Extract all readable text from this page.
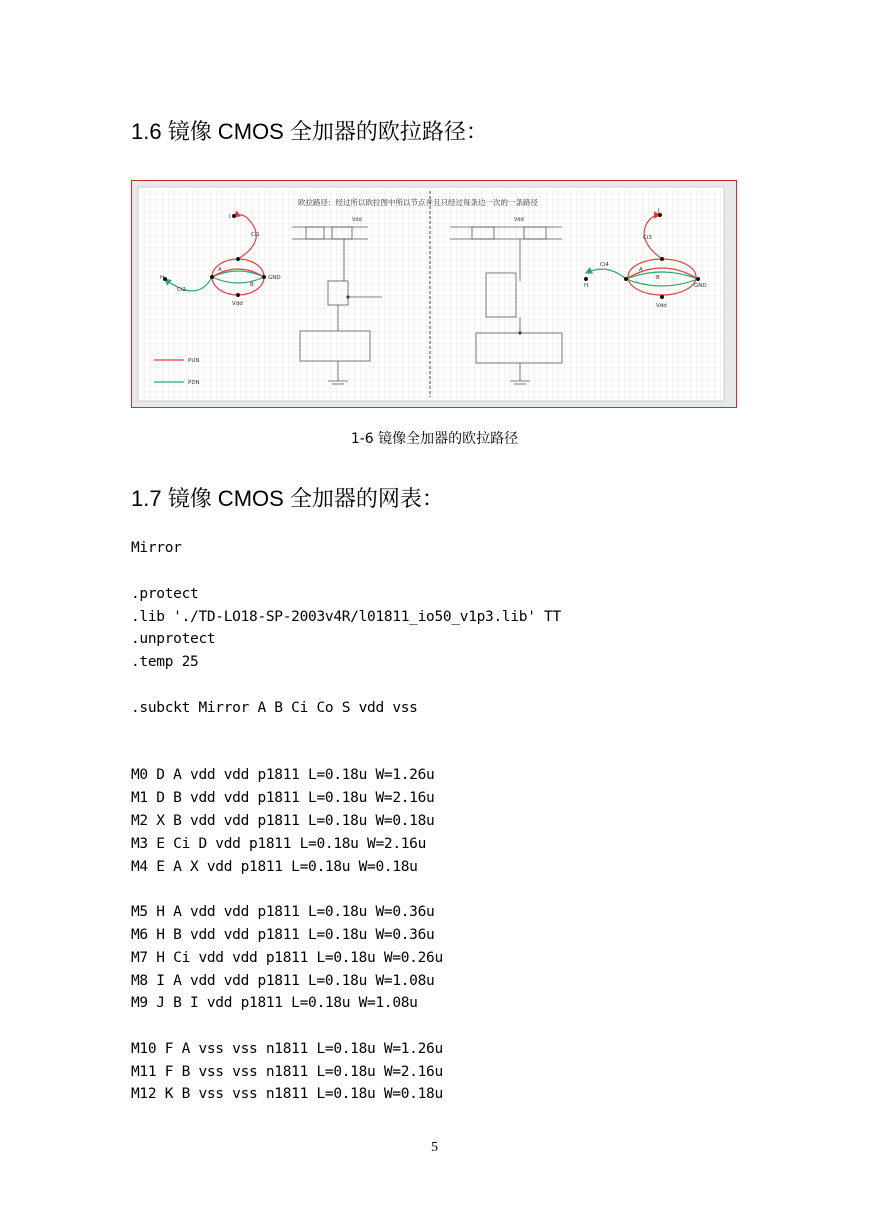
1.6 镜像 CMOS 全加器的欧拉路径：
欧拉路径：经过所以欧拉图中所以节点并且只经过每条边一次的一条路径
Ci1
Ci2
GND
Vdd
A
B
H
I
PUN
PDN
Vdd	Vdd
Ci3
Ci4
GND
Vdd
A
B
H
J
1-6 镜像全加器的欧拉路径
1.7 镜像 CMOS 全加器的网表：
Mirror
.protect
.lib './TD-LO18-SP-2003v4R/l01811_io50_v1p3.lib' TT
.unprotect
.temp 25
.subckt Mirror A B Ci Co S vdd vss
M0 D A vdd vdd p1811 L=0.18u W=1.26u
M1 D B vdd vdd p1811 L=0.18u W=2.16u
M2 X B vdd vdd p1811 L=0.18u W=0.18u
M3 E Ci D vdd p1811 L=0.18u W=2.16u
M4 E A X vdd p1811 L=0.18u W=0.18u
M5 H A vdd vdd p1811 L=0.18u W=0.36u
M6 H B vdd vdd p1811 L=0.18u W=0.36u
M7 H Ci vdd vdd p1811 L=0.18u W=0.26u
M8 I A vdd vdd p1811 L=0.18u W=1.08u
M9 J B I vdd p1811 L=0.18u W=1.08u
M10 F A vss vss n1811 L=0.18u W=1.26u
M11 F B vss vss n1811 L=0.18u W=2.16u
M12 K B vss vss n1811 L=0.18u W=0.18u
5
